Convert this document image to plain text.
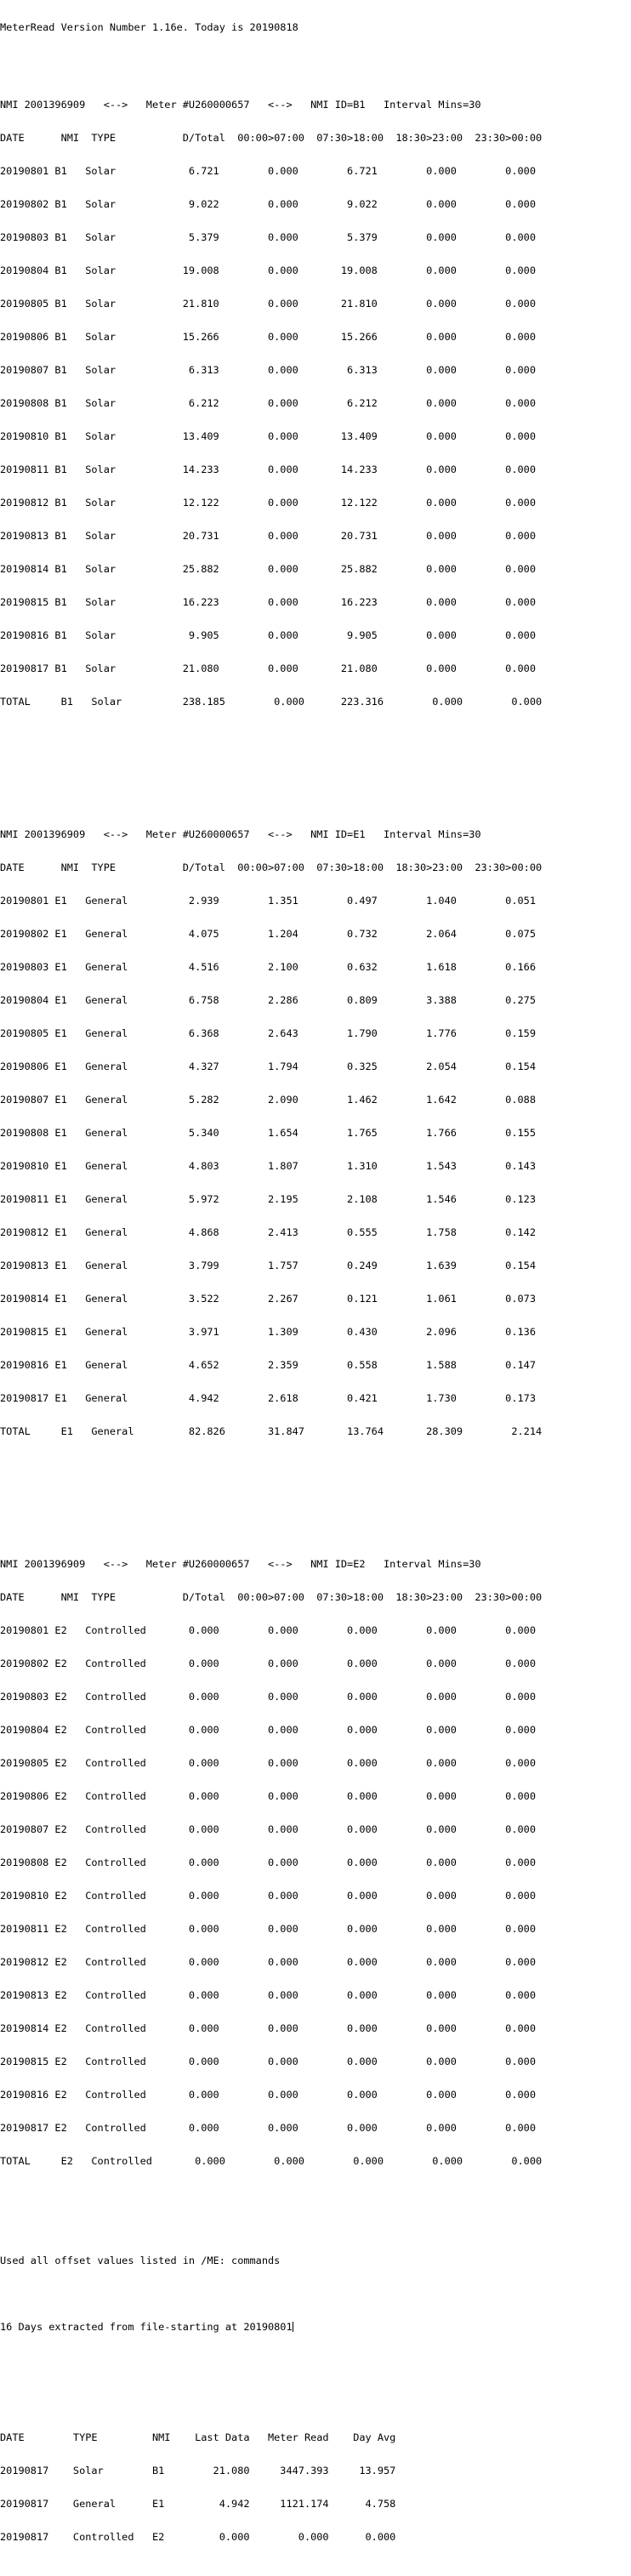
MeterRead Version Number 1.16e. Today is 20190818

NMI 2001396909   <-->   Meter #U260000657   <-->   NMI ID=B1   Interval Mins=30

DATE      NMI  TYPE           D/Total  00:00>07:00  07:30>18:00  18:30>23:00  23:30>00:00

20190801 B1   Solar            6.721        0.000        6.721        0.000        0.000

20190802 B1   Solar            9.022        0.000        9.022        0.000        0.000

20190803 B1   Solar            5.379        0.000        5.379        0.000        0.000

20190804 B1   Solar           19.008        0.000       19.008        0.000        0.000

20190805 B1   Solar           21.810        0.000       21.810        0.000        0.000

20190806 B1   Solar           15.266        0.000       15.266        0.000        0.000

20190807 B1   Solar            6.313        0.000        6.313        0.000        0.000

20190808 B1   Solar            6.212        0.000        6.212        0.000        0.000

20190810 B1   Solar           13.409        0.000       13.409        0.000        0.000

20190811 B1   Solar           14.233        0.000       14.233        0.000        0.000

20190812 B1   Solar           12.122        0.000       12.122        0.000        0.000

20190813 B1   Solar           20.731        0.000       20.731        0.000        0.000

20190814 B1   Solar           25.882        0.000       25.882        0.000        0.000

20190815 B1   Solar           16.223        0.000       16.223        0.000        0.000

20190816 B1   Solar            9.905        0.000        9.905        0.000        0.000

20190817 B1   Solar           21.080        0.000       21.080        0.000        0.000

TOTAL     B1   Solar          238.185        0.000      223.316        0.000        0.000

NMI 2001396909   <-->   Meter #U260000657   <-->   NMI ID=E1   Interval Mins=30

DATE      NMI  TYPE           D/Total  00:00>07:00  07:30>18:00  18:30>23:00  23:30>00:00

20190801 E1   General          2.939        1.351        0.497        1.040        0.051

20190802 E1   General          4.075        1.204        0.732        2.064        0.075

20190803 E1   General          4.516        2.100        0.632        1.618        0.166

20190804 E1   General          6.758        2.286        0.809        3.388        0.275

20190805 E1   General          6.368        2.643        1.790        1.776        0.159

20190806 E1   General          4.327        1.794        0.325        2.054        0.154

20190807 E1   General          5.282        2.090        1.462        1.642        0.088

20190808 E1   General          5.340        1.654        1.765        1.766        0.155

20190810 E1   General          4.803        1.807        1.310        1.543        0.143

20190811 E1   General          5.972        2.195        2.108        1.546        0.123

20190812 E1   General          4.868        2.413        0.555        1.758        0.142

20190813 E1   General          3.799        1.757        0.249        1.639        0.154

20190814 E1   General          3.522        2.267        0.121        1.061        0.073

20190815 E1   General          3.971        1.309        0.430        2.096        0.136

20190816 E1   General          4.652        2.359        0.558        1.588        0.147

20190817 E1   General          4.942        2.618        0.421        1.730        0.173

TOTAL     E1   General         82.826       31.847       13.764       28.309        2.214

NMI 2001396909   <-->   Meter #U260000657   <-->   NMI ID=E2   Interval Mins=30

DATE      NMI  TYPE           D/Total  00:00>07:00  07:30>18:00  18:30>23:00  23:30>00:00

20190801 E2   Controlled       0.000        0.000        0.000        0.000        0.000

20190802 E2   Controlled       0.000        0.000        0.000        0.000        0.000

20190803 E2   Controlled       0.000        0.000        0.000        0.000        0.000

20190804 E2   Controlled       0.000        0.000        0.000        0.000        0.000

20190805 E2   Controlled       0.000        0.000        0.000        0.000        0.000

20190806 E2   Controlled       0.000        0.000        0.000        0.000        0.000

20190807 E2   Controlled       0.000        0.000        0.000        0.000        0.000

20190808 E2   Controlled       0.000        0.000        0.000        0.000        0.000

20190810 E2   Controlled       0.000        0.000        0.000        0.000        0.000

20190811 E2   Controlled       0.000        0.000        0.000        0.000        0.000

20190812 E2   Controlled       0.000        0.000        0.000        0.000        0.000

20190813 E2   Controlled       0.000        0.000        0.000        0.000        0.000

20190814 E2   Controlled       0.000        0.000        0.000        0.000        0.000

20190815 E2   Controlled       0.000        0.000        0.000        0.000        0.000

20190816 E2   Controlled       0.000        0.000        0.000        0.000        0.000

20190817 E2   Controlled       0.000        0.000        0.000        0.000        0.000

TOTAL     E2   Controlled       0.000        0.000        0.000        0.000        0.000

Used all offset values listed in /ME: commands

16 Days extracted from file-starting at 20190801

DATE        TYPE         NMI    Last Data   Meter Read    Day Avg

20190817    Solar        B1        21.080     3447.393     13.957

20190817    General      E1         4.942     1121.174      4.758

20190817    Controlled   E2         0.000        0.000      0.000
